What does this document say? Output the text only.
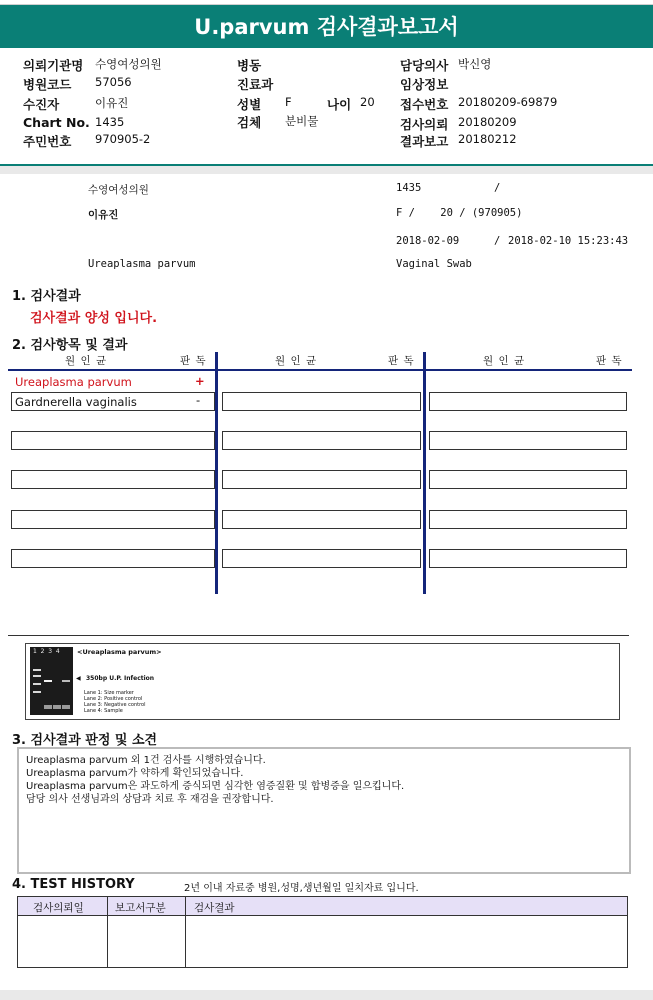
U.parvum 검사결과보고서
의뢰기관명 수영여성의원
병원코드 57056
수진자	이유진
Chart No. 1435
주민번호 970905-2
병동
진료과
성별 F	나이 20
검체 분비물
담당의사 박신영
임상정보
접수번호 20180209-69879
검사의뢰 20180209
결과보고 20180212
수영여성의원	1435	/
이유진	F /    20 / (970905)
2018-02-09	/ 2018-02-10 15:23:43
Ureaplasma parvum	Vaginal Swab
1. 검사결과
검사결과 양성 입니다.
2. 검사항목 및 결과
원 인 균	판 독	원 인 균	판 독	원 인 균	판 독
Ureaplasma parvum	+
Gardnerella vaginalis	-
1  2  3  4	<Ureaplasma parvum>
◀ 350bp U.P. Infection
Lane 1: Size marker
Lane 2: Positive control
Lane 3: Negative control
Lane 4: Sample
3. 검사결과 판정 및 소견
Ureaplasma parvum 외 1건 검사를 시행하였습니다.
Ureaplasma parvum가 약하게 확인되었습니다.
Ureaplasma parvum은 과도하게 증식되면 심각한 염증질환 및 합병증을 일으킵니다.
담당 의사 선생님과의 상담과 치료 후 재검을 권장합니다.
4. TEST HISTORY	2년 이내 자료중 병원,성명,생년월일 일치자료 입니다.
검사의뢰일	보고서구분	검사결과
